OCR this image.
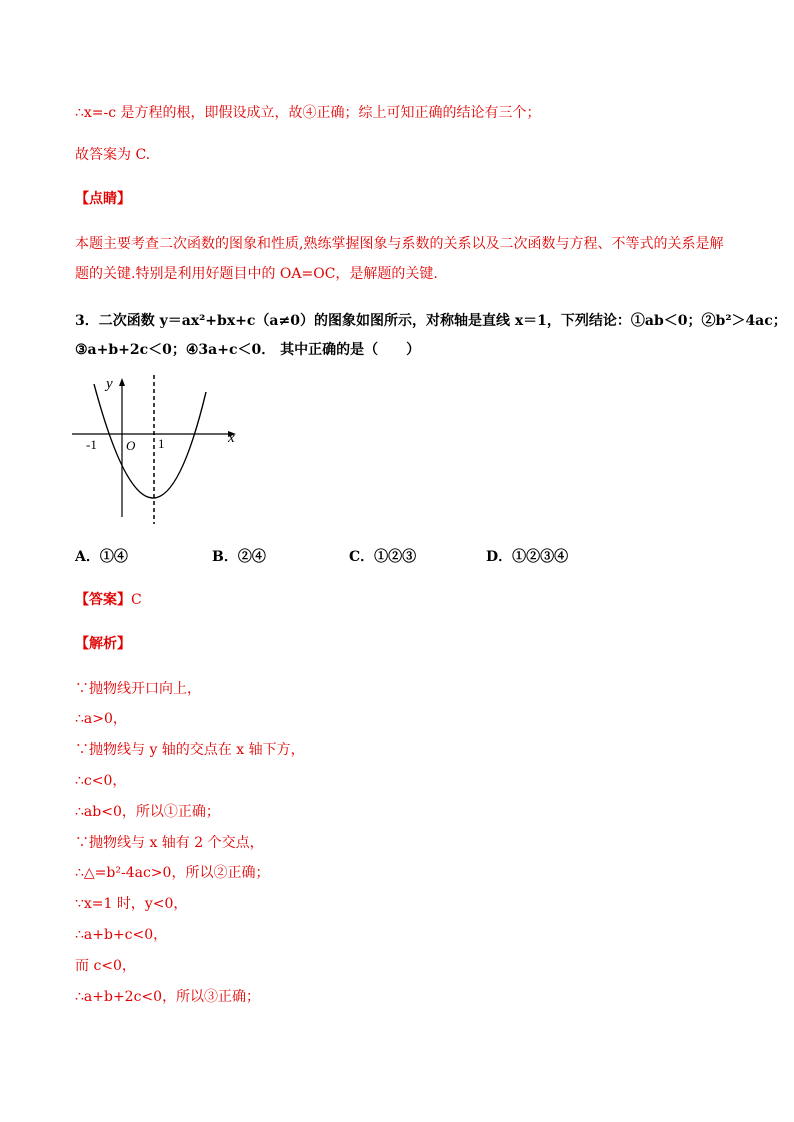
∴x=-c 是方程的根，即假设成立，故④正确；综上可知正确的结论有三个；
故答案为 C.
【点睛】
本题主要考查二次函数的图象和性质,熟练掌握图象与系数的关系以及二次函数与方程、不等式的关系是解
题的关键.特别是利用好题目中的 OA=OC，是解题的关键.
3．二次函数 y＝ax²+bx+c（a≠0）的图象如图所示，对称轴是直线 x＝1，下列结论：①ab＜0；②b²＞4ac；
③a+b+2c＜0；④3a+c＜0． 其中正确的是（　　）
y
x
O
-1	1
A．①④	B．②④	C．①②③	D．①②③④
【答案】C
【解析】
∵抛物线开口向上，
∴a>0，
∵抛物线与 y 轴的交点在 x 轴下方，
∴c<0，
∴ab<0，所以①正确；
∵抛物线与 x 轴有 2 个交点，
∴△=b²-4ac>0，所以②正确；
∵x=1 时，y<0，
∴a+b+c<0，
而 c<0，
∴a+b+2c<0，所以③正确；
